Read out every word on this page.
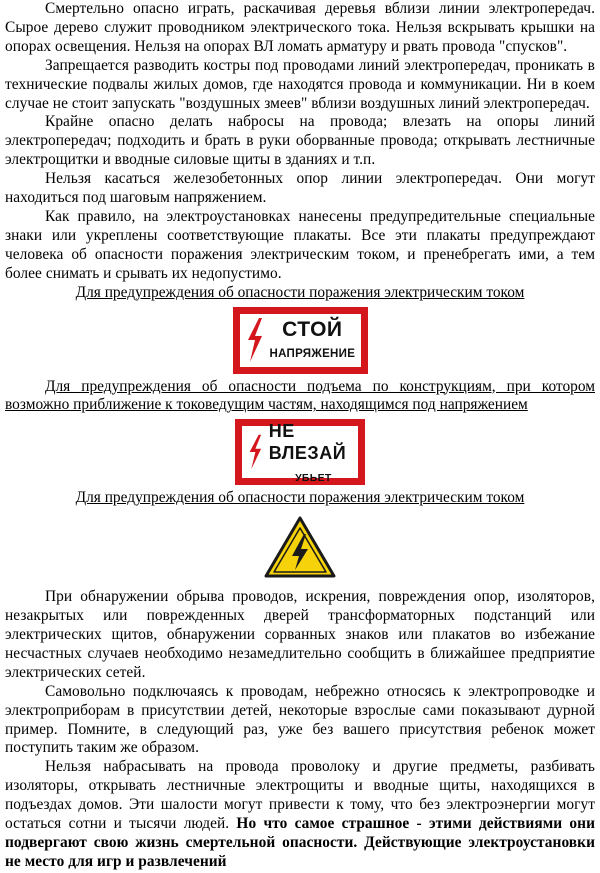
Смертельно опасно играть, раскачивая деревья вблизи линии электропередач. Сырое дерево служит проводником электрического тока. Нельзя вскрывать крышки на опорах освещения. Нельзя на опорах ВЛ ломать арматуру и рвать провода "спусков".

Запрещается разводить костры под проводами линий электропередач, проникать в технические подвалы жилых домов, где находятся провода и коммуникации. Ни в коем случае не стоит запускать "воздушных змеев" вблизи воздушных линий электропередач.

Крайне опасно делать набросы на провода; влезать на опоры линий электропередач; подходить и брать в руки оборванные провода; открывать лестничные электрощитки и вводные силовые щиты в зданиях и т.п.

Нельзя касаться железобетонных опор линии электропередач. Они могут находиться под шаговым напряжением.

Как правило, на электроустановках нанесены предупредительные специальные знаки или укреплены соответствующие плакаты. Все эти плакаты предупреждают человека об опасности поражения электрическим током, и пренебрегать ими, а тем более снимать и срывать их недопустимо.

Для предупреждения об опасности поражения электрическим током

СТОЙ
НАПРЯЖЕНИЕ

Для предупреждения об опасности подъема по конструкциям, при котором возможно приближение к токоведущим частям, находящимся под напряжением

НЕ ВЛЕЗАЙ
УБЬЕТ

Для предупреждения об опасности поражения электрическим током

При обнаружении обрыва проводов, искрения, повреждения опор, изоляторов, незакрытых или поврежденных дверей трансформаторных подстанций или электрических щитов, обнаружении сорванных знаков или плакатов во избежание несчастных случаев необходимо незамедлительно сообщить в ближайшее предприятие электрических сетей.

Самовольно подключаясь к проводам, небрежно относясь к электропроводке и электроприборам в присутствии детей, некоторые взрослые сами показывают дурной пример. Помните, в следующий раз, уже без вашего присутствия ребенок может поступить таким же образом.

Нельзя набрасывать на провода проволоку и другие предметы, разбивать изоляторы, открывать лестничные электрощиты и вводные щиты, находящихся в подъездах домов. Эти шалости могут привести к тому, что без электроэнергии могут остаться сотни и тысячи людей. Но что самое страшное - этими действиями они подвергают свою жизнь смертельной опасности. Действующие электроустановки не место для игр и развлечений
